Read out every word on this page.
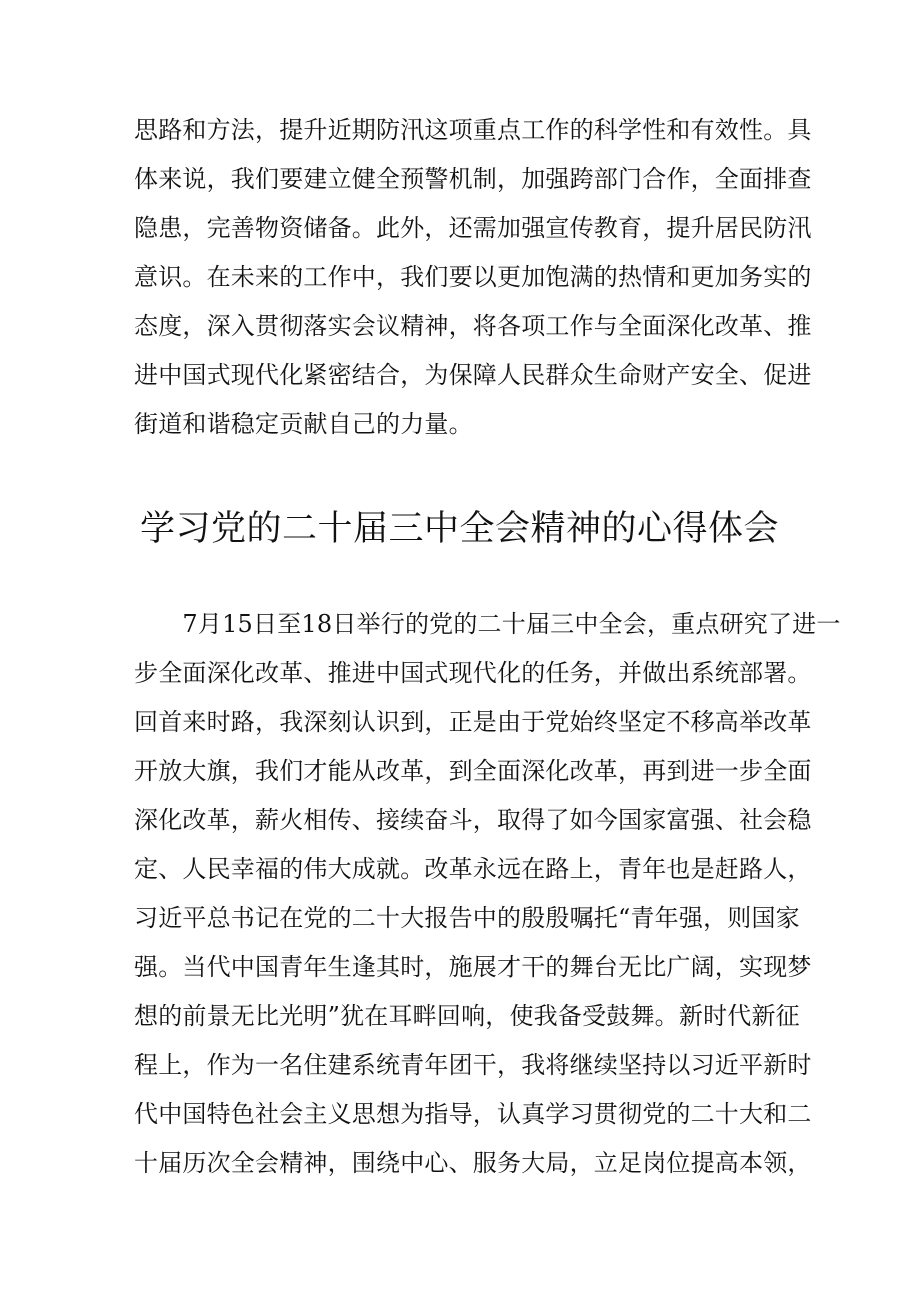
思路和方法，提升近期防汛这项重点工作的科学性和有效性。具
体来说，我们要建立健全预警机制，加强跨部门合作，全面排查
隐患，完善物资储备。此外，还需加强宣传教育，提升居民防汛
意识。在未来的工作中，我们要以更加饱满的热情和更加务实的
态度，深入贯彻落实会议精神，将各项工作与全面深化改革、推
进中国式现代化紧密结合，为保障人民群众生命财产安全、促进
街道和谐稳定贡献自己的力量。
学习党的二十届三中全会精神的心得体会
　　7月15日至18日举行的党的二十届三中全会，重点研究了进一
步全面深化改革、推进中国式现代化的任务，并做出系统部署。
回首来时路，我深刻认识到，正是由于党始终坚定不移高举改革
开放大旗，我们才能从改革，到全面深化改革，再到进一步全面
深化改革，薪火相传、接续奋斗，取得了如今国家富强、社会稳
定、人民幸福的伟大成就。改革永远在路上，青年也是赶路人，
习近平总书记在党的二十大报告中的殷殷嘱托“青年强，则国家
强。当代中国青年生逢其时，施展才干的舞台无比广阔，实现梦
想的前景无比光明”犹在耳畔回响，使我备受鼓舞。新时代新征
程上，作为一名住建系统青年团干，我将继续坚持以习近平新时
代中国特色社会主义思想为指导，认真学习贯彻党的二十大和二
十届历次全会精神，围绕中心、服务大局，立足岗位提高本领，
